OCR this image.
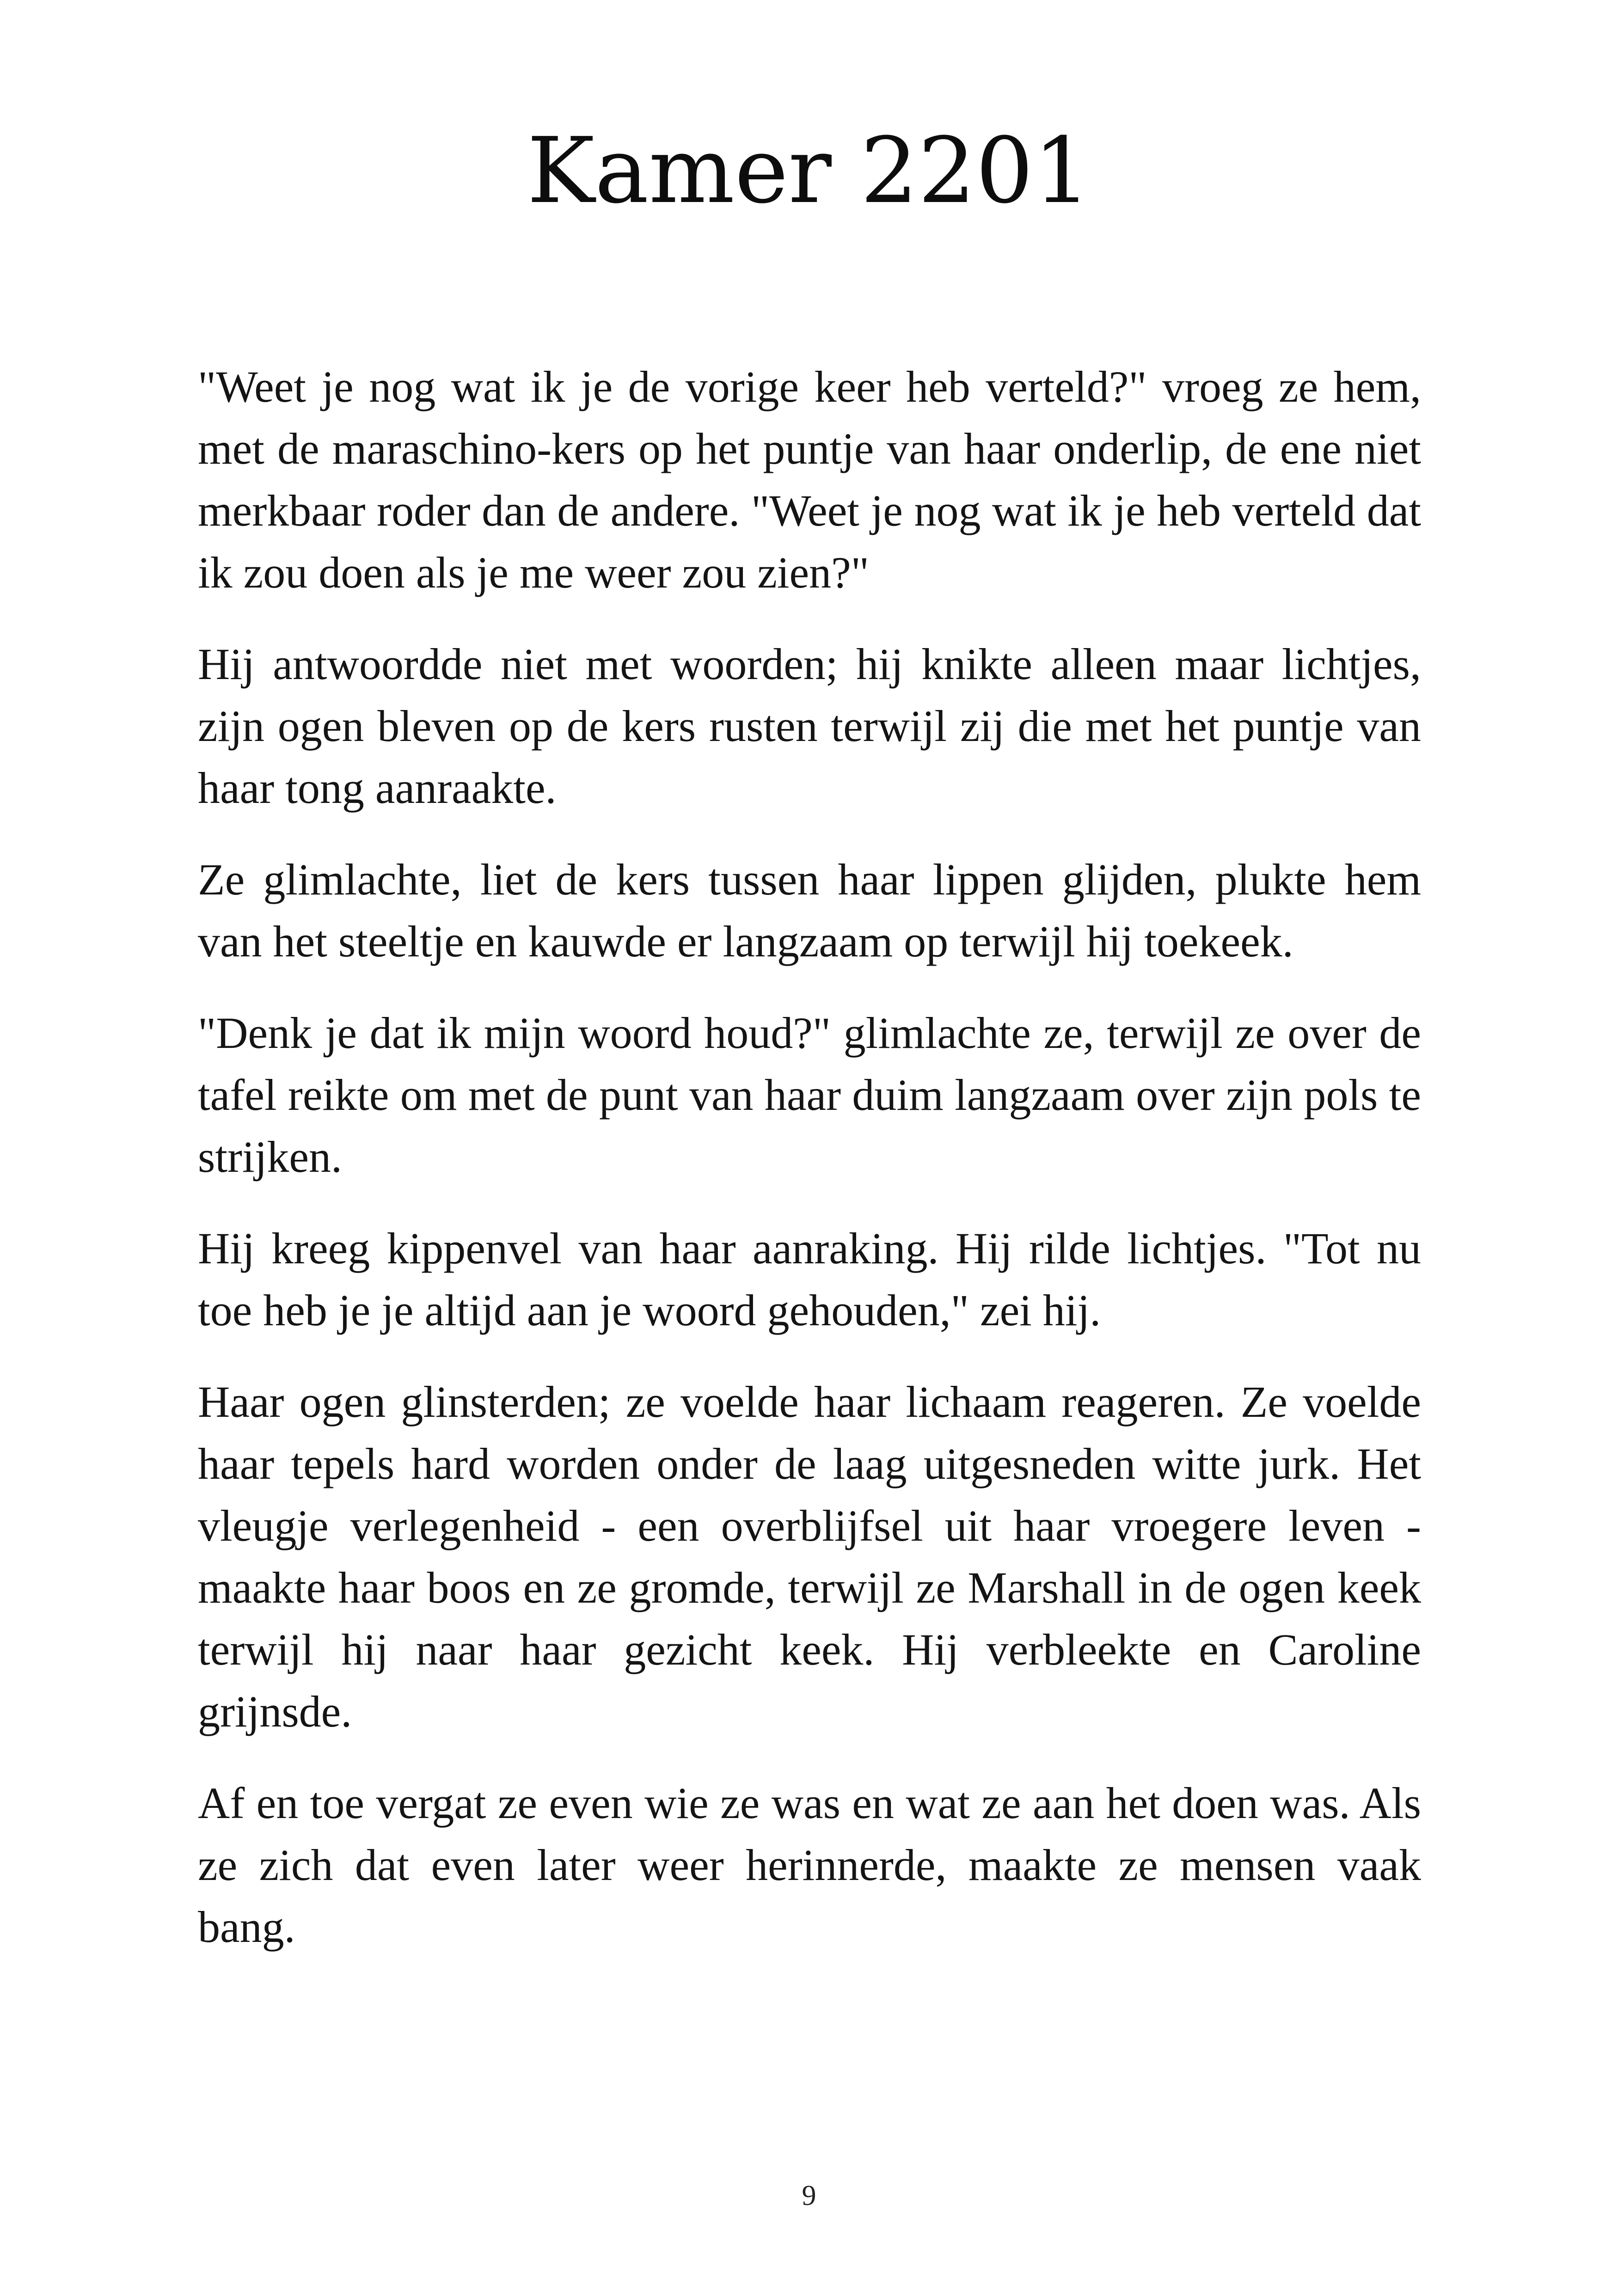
Kamer 2201

"Weet je nog wat ik je de vorige keer heb verteld?" vroeg ze hem, met de maraschino-kers op het puntje van haar onderlip, de ene niet merkbaar roder dan de andere. "Weet je nog wat ik je heb verteld dat ik zou doen als je me weer zou zien?"

Hij antwoordde niet met woorden; hij knikte alleen maar lichtjes, zijn ogen bleven op de kers rusten terwijl zij die met het puntje van haar tong aanraakte.

Ze glimlachte, liet de kers tussen haar lippen glijden, plukte hem van het steeltje en kauwde er langzaam op terwijl hij toekeek.

"Denk je dat ik mijn woord houd?" glimlachte ze, terwijl ze over de tafel reikte om met de punt van haar duim langzaam over zijn pols te strijken.

Hij kreeg kippenvel van haar aanraking. Hij rilde lichtjes. "Tot nu toe heb je je altijd aan je woord gehouden," zei hij.

Haar ogen glinsterden; ze voelde haar lichaam reageren. Ze voelde haar tepels hard worden onder de laag uitgesneden witte jurk. Het vleugje verlegenheid - een overblijfsel uit haar vroegere leven - maakte haar boos en ze gromde, terwijl ze Marshall in de ogen keek terwijl hij naar haar gezicht keek. Hij verbleekte en Caroline grijnsde.

Af en toe vergat ze even wie ze was en wat ze aan het doen was. Als ze zich dat even later weer herinnerde, maakte ze mensen vaak bang.

9
